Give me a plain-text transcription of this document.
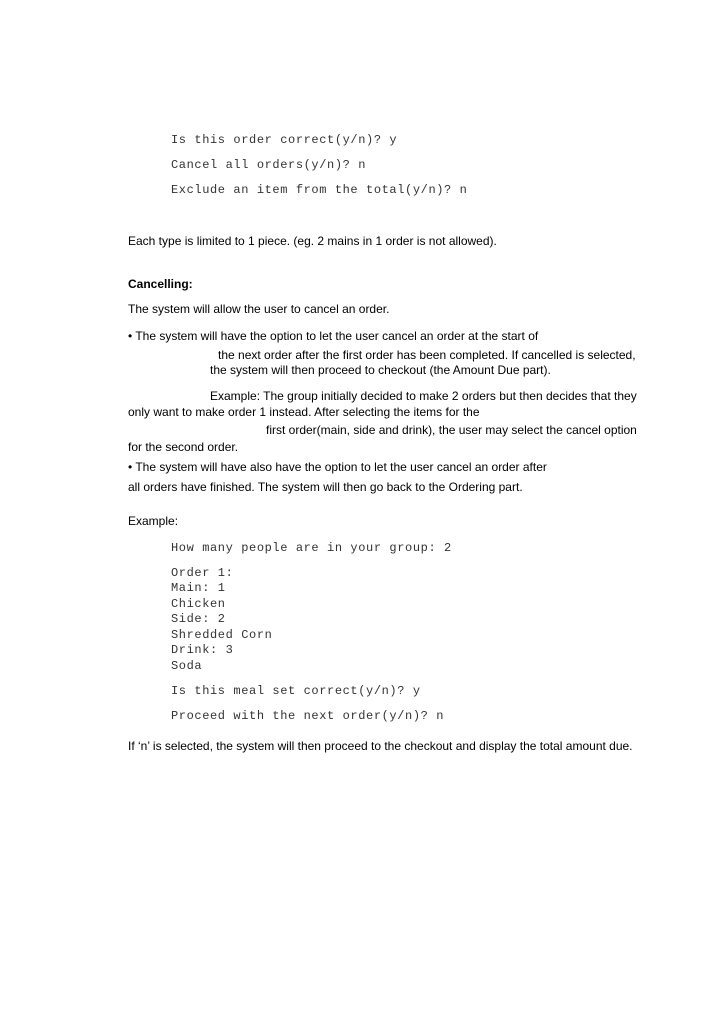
Is this order correct(y/n)? y
Cancel all orders(y/n)? n
Exclude an item from the total(y/n)? n
Each type is limited to 1 piece. (eg. 2 mains in 1 order is not allowed).
Cancelling:
The system will allow the user to cancel an order.
• The system will have the option to let the user cancel an order at the start of
the next order after the first order has been completed. If cancelled is selected,
the system will then proceed to checkout (the Amount Due part).
Example: The group initially decided to make 2 orders but then decides that they
only want to make order 1 instead. After selecting the items for the
first order(main, side and drink), the user may select the cancel option
for the second order.
• The system will have also have the option to let the user cancel an order after
all orders have finished. The system will then go back to the Ordering part.
Example:
How many people are in your group: 2
Order 1:
Main: 1
Chicken
Side: 2
Shredded Corn
Drink: 3
Soda
Is this meal set correct(y/n)? y
Proceed with the next order(y/n)? n
If ‘n’ is selected, the system will then proceed to the checkout and display the total amount due.
